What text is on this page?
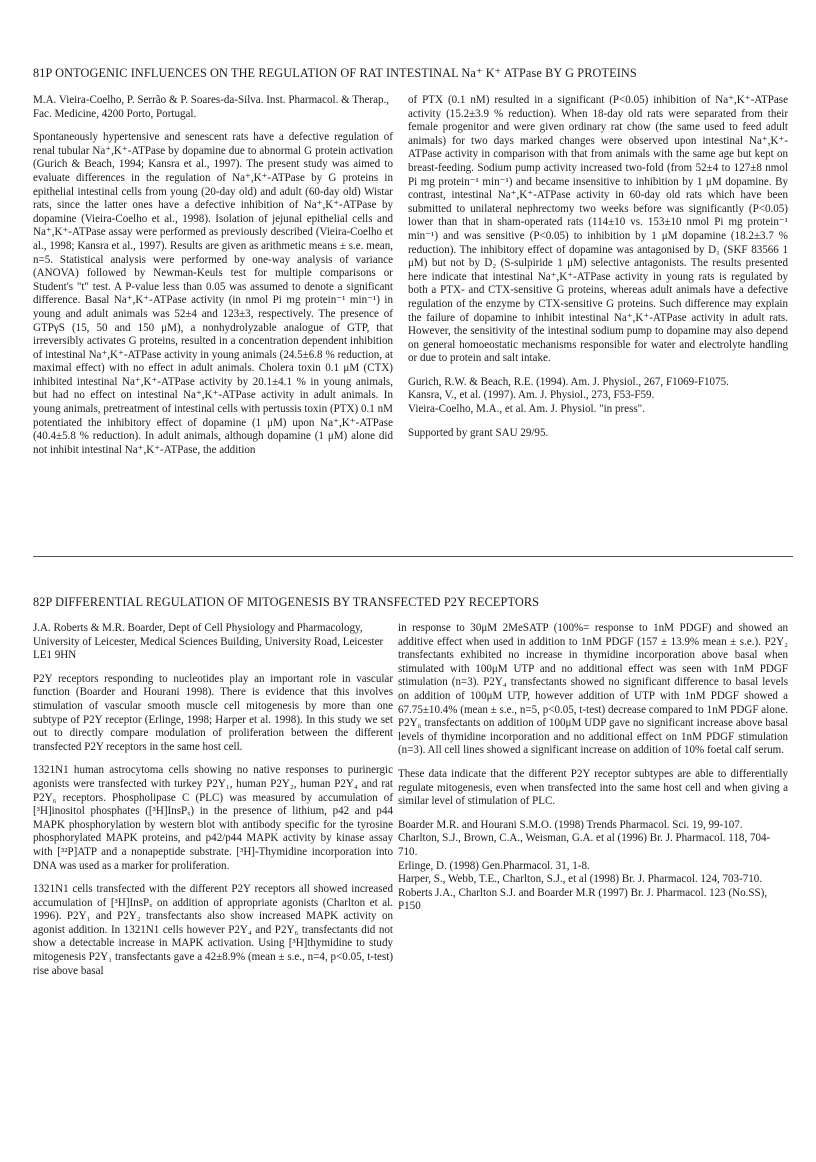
81P ONTOGENIC INFLUENCES ON THE REGULATION OF RAT INTESTINAL Na⁺ K⁺ ATPase BY G PROTEINS

M.A. Vieira-Coelho, P. Serrão & P. Soares-da-Silva. Inst. Pharmacol. & Therap., Fac. Medicine, 4200 Porto, Portugal.

Spontaneously hypertensive and senescent rats have a defective regulation of renal tubular Na⁺,K⁺-ATPase by dopamine due to abnormal G protein activation (Gurich & Beach, 1994; Kansra et al., 1997). The present study was aimed to evaluate differences in the regulation of Na⁺,K⁺-ATPase by G proteins in epithelial intestinal cells from young (20-day old) and adult (60-day old) Wistar rats, since the latter ones have a defective inhibition of Na⁺,K⁺-ATPase by dopamine (Vieira-Coelho et al., 1998). Isolation of jejunal epithelial cells and Na⁺,K⁺-ATPase assay were performed as previously described (Vieira-Coelho et al., 1998; Kansra et al., 1997). Results are given as arithmetic means ± s.e. mean, n=5. Statistical analysis were performed by one-way analysis of variance (ANOVA) followed by Newman-Keuls test for multiple comparisons or Student's "t" test. A P-value less than 0.05 was assumed to denote a significant difference. Basal Na⁺,K⁺-ATPase activity (in nmol Pi mg protein⁻¹ min⁻¹) in young and adult animals was 52±4 and 123±3, respectively. The presence of GTPγS (15, 50 and 150 μM), a nonhydrolyzable analogue of GTP, that irreversibly activates G proteins, resulted in a concentration dependent inhibition of intestinal Na⁺,K⁺-ATPase activity in young animals (24.5±6.8 % reduction, at maximal effect) with no effect in adult animals. Cholera toxin 0.1 μM (CTX) inhibited intestinal Na⁺,K⁺-ATPase activity by 20.1±4.1 % in young animals, but had no effect on intestinal Na⁺,K⁺-ATPase activity in adult animals. In young animals, pretreatment of intestinal cells with pertussis toxin (PTX) 0.1 nM potentiated the inhibitory effect of dopamine (1 μM) upon Na⁺,K⁺-ATPase (40.4±5.8 % reduction). In adult animals, although dopamine (1 μM) alone did not inhibit intestinal Na⁺,K⁺-ATPase, the addition

of PTX (0.1 nM) resulted in a significant (P<0.05) inhibition of Na⁺,K⁺-ATPase activity (15.2±3.9 % reduction). When 18-day old rats were separated from their female progenitor and were given ordinary rat chow (the same used to feed adult animals) for two days marked changes were observed upon intestinal Na⁺,K⁺-ATPase activity in comparison with that from animals with the same age but kept on breast-feeding. Sodium pump activity increased two-fold (from 52±4 to 127±8 nmol Pi mg protein⁻¹ min⁻¹) and became insensitive to inhibition by 1 μM dopamine. By contrast, intestinal Na⁺,K⁺-ATPase activity in 60-day old rats which have been submitted to unilateral nephrectomy two weeks before was significantly (P<0.05) lower than that in sham-operated rats (114±10 vs. 153±10 nmol Pi mg protein⁻¹ min⁻¹) and was sensitive (P<0.05) to inhibition by 1 μM dopamine (18.2±3.7 % reduction). The inhibitory effect of dopamine was antagonised by D₁ (SKF 83566 1 μM) but not by D₂ (S-sulpiride 1 μM) selective antagonists. The results presented here indicate that intestinal Na⁺,K⁺-ATPase activity in young rats is regulated by both a PTX- and CTX-sensitive G proteins, whereas adult animals have a defective regulation of the enzyme by CTX-sensitive G proteins. Such difference may explain the failure of dopamine to inhibit intestinal Na⁺,K⁺-ATPase activity in adult rats. However, the sensitivity of the intestinal sodium pump to dopamine may also depend on general homoeostatic mechanisms responsible for water and electrolyte handling or due to protein and salt intake.

Gurich, R.W. & Beach, R.E. (1994). Am. J. Physiol., 267, F1069-F1075.

Kansra, V., et al. (1997). Am. J. Physiol., 273, F53-F59.

Vieira-Coelho, M.A., et al. Am. J. Physiol. "in press".

Supported by grant SAU 29/95.

82P DIFFERENTIAL REGULATION OF MITOGENESIS BY TRANSFECTED P2Y RECEPTORS

J.A. Roberts & M.R. Boarder, Dept of Cell Physiology and Pharmacology, University of Leicester, Medical Sciences Building, University Road, Leicester LE1 9HN

P2Y receptors responding to nucleotides play an important role in vascular function (Boarder and Hourani 1998). There is evidence that this involves stimulation of vascular smooth muscle cell mitogenesis by more than one subtype of P2Y receptor (Erlinge, 1998; Harper et al. 1998). In this study we set out to directly compare modulation of proliferation between the different transfected P2Y receptors in the same host cell.

1321N1 human astrocytoma cells showing no native responses to purinergic agonists were transfected with turkey P2Y₁, human P2Y₂, human P2Y₄ and rat P2Y₆ receptors. Phospholipase C (PLC) was measured by accumulation of [³H]inositol phosphates ([³H]InsPₓ) in the presence of lithium, p42 and p44 MAPK phosphorylation by western blot with antibody specific for the tyrosine phosphorylated MAPK proteins, and p42/p44 MAPK activity by kinase assay with [³²P]ATP and a nonapeptide substrate. [³H]-Thymidine incorporation into DNA was used as a marker for proliferation.

1321N1 cells transfected with the different P2Y receptors all showed increased accumulation of [³H]InsPₓ on addition of appropriate agonists (Charlton et al. 1996). P2Y₁ and P2Y₂ transfectants also show increased MAPK activity on agonist addition. In 1321N1 cells however P2Y₄ and P2Y₆ transfectants did not show a detectable increase in MAPK activation. Using [³H]thymidine to study mitogenesis P2Y₁ transfectants gave a 42±8.9% (mean ± s.e., n=4, p<0.05, t-test) rise above basal

in response to 30μM 2MeSATP (100%= response to 1nM PDGF) and showed an additive effect when used in addition to 1nM PDGF (157 ± 13.9% mean ± s.e.). P2Y₂ transfectants exhibited no increase in thymidine incorporation above basal when stimulated with 100μM UTP and no additional effect was seen with 1nM PDGF stimulation (n=3). P2Y₄ transfectants showed no significant difference to basal levels on addition of 100μM UTP, however addition of UTP with 1nM PDGF showed a 67.75±10.4% (mean ± s.e., n=5, p<0.05, t-test) decrease compared to 1nM PDGF alone. P2Y₆ transfectants on addition of 100μM UDP gave no significant increase above basal levels of thymidine incorporation and no additional effect on 1nM PDGF stimulation (n=3). All cell lines showed a significant increase on addition of 10% foetal calf serum.

These data indicate that the different P2Y receptor subtypes are able to differentially regulate mitogenesis, even when transfected into the same host cell and when giving a similar level of stimulation of PLC.

Boarder M.R. and Hourani S.M.O. (1998) Trends Pharmacol. Sci. 19, 99-107.

Charlton, S.J., Brown, C.A., Weisman, G.A. et al (1996) Br. J. Pharmacol. 118, 704-710.

Erlinge, D. (1998) Gen.Pharmacol. 31, 1-8.

Harper, S., Webb, T.E., Charlton, S.J., et al (1998) Br. J. Pharmacol. 124, 703-710.

Roberts J.A., Charlton S.J. and Boarder M.R (1997) Br. J. Pharmacol. 123 (No.SS), P150
